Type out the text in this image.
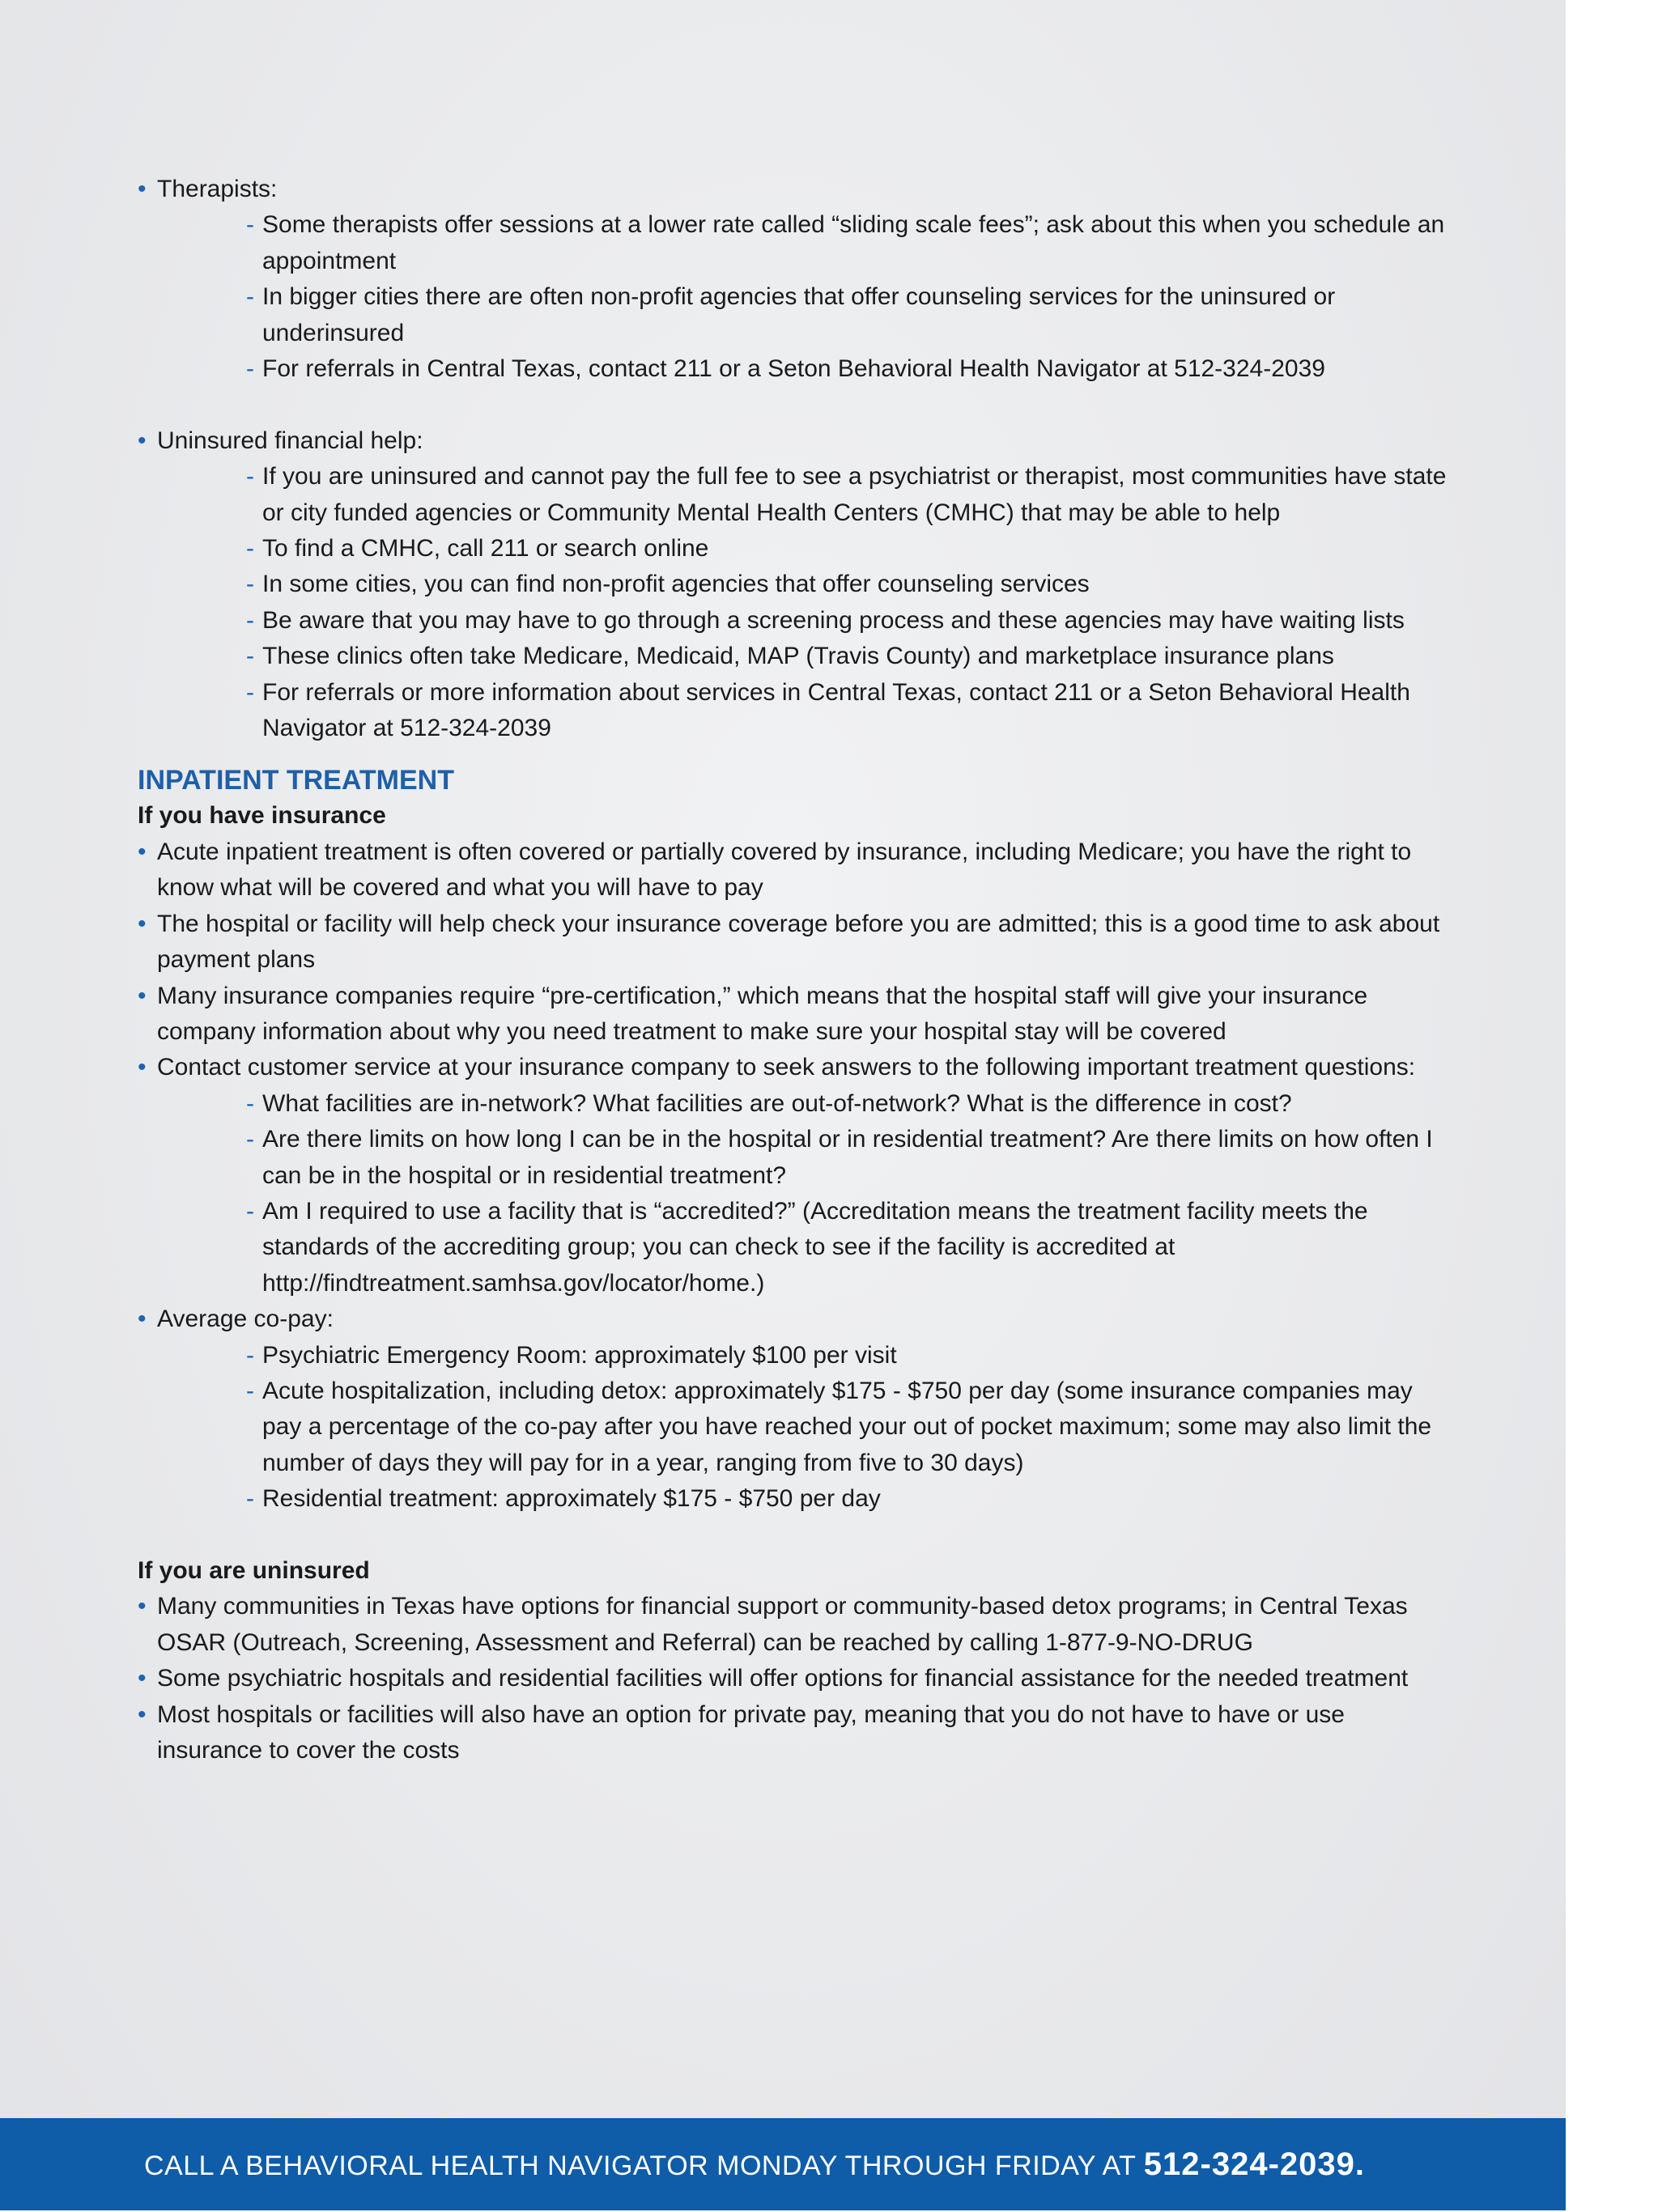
• Therapists:
- Some therapists offer sessions at a lower rate called “sliding scale fees”; ask about this when you schedule an appointment
- In bigger cities there are often non-profit agencies that offer counseling services for the uninsured or underinsured
- For referrals in Central Texas, contact 211 or a Seton Behavioral Health Navigator at 512-324-2039
• Uninsured financial help:
- If you are uninsured and cannot pay the full fee to see a psychiatrist or therapist, most communities have state or city funded agencies or Community Mental Health Centers (CMHC) that may be able to help
- To find a CMHC, call 211 or search online
- In some cities, you can find non-profit agencies that offer counseling services
- Be aware that you may have to go through a screening process and these agencies may have waiting lists
- These clinics often take Medicare, Medicaid, MAP (Travis County) and marketplace insurance plans
- For referrals or more information about services in Central Texas, contact 211 or a Seton Behavioral Health Navigator at 512-324-2039
INPATIENT TREATMENT
If you have insurance
• Acute inpatient treatment is often covered or partially covered by insurance, including Medicare; you have the right to know what will be covered and what you will have to pay
• The hospital or facility will help check your insurance coverage before you are admitted; this is a good time to ask about payment plans
• Many insurance companies require “pre-certification,” which means that the hospital staff will give your insurance company information about why you need treatment to make sure your hospital stay will be covered
• Contact customer service at your insurance company to seek answers to the following important treatment questions:
- What facilities are in-network? What facilities are out-of-network? What is the difference in cost?
- Are there limits on how long I can be in the hospital or in residential treatment? Are there limits on how often I can be in the hospital or in residential treatment?
- Am I required to use a facility that is “accredited?” (Accreditation means the treatment facility meets the standards of the accrediting group; you can check to see if the facility is accredited at http://findtreatment.samhsa.gov/locator/home.)
• Average co-pay:
- Psychiatric Emergency Room: approximately $100 per visit
- Acute hospitalization, including detox: approximately $175 - $750 per day (some insurance companies may pay a percentage of the co-pay after you have reached your out of pocket maximum; some may also limit the number of days they will pay for in a year, ranging from five to 30 days)
- Residential treatment: approximately $175 - $750 per day
If you are uninsured
• Many communities in Texas have options for financial support or community-based detox programs; in Central Texas OSAR (Outreach, Screening, Assessment and Referral) can be reached by calling 1-877-9-NO-DRUG
• Some psychiatric hospitals and residential facilities will offer options for financial assistance for the needed treatment
• Most hospitals or facilities will also have an option for private pay, meaning that you do not have to have or use insurance to cover the costs
CALL A BEHAVIORAL HEALTH NAVIGATOR MONDAY THROUGH FRIDAY AT 512-324-2039.
